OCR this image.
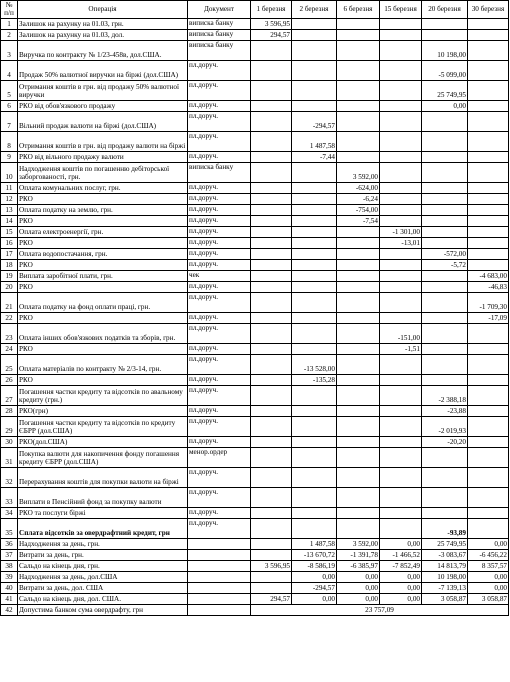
№ п/п	Операція	Документ	1 березня	2 березня	6 березня	15 березня	20 березня	30 березня
1	Залишок на рахунку на 01.03, грн.	виписка банку	3 596,95					
2	Залишок на рахунку на 01.03, дол.	виписка банку	294,57					
3	Виручка по контракту № 1/23-458в, дол.США.	виписка банку					10 198,00	
4	Продаж 50% валютної виручки на біржі (дол.США)	пл.доруч.					-5 099,00	
5	Отримання коштів в грн. від продажу 50% валютної виручки	пл.доруч.					25 749,95	
6	РКО від обов'язкового продажу	пл.доруч.					0,00	
7	Вільний продаж валюти на біржі (дол.США)	пл.доруч.		-294,57				
8	Отримання коштів в грн. від продажу валюти на біржі	пл.доруч.		1 487,58				
9	РКО від вільного продажу валюти	пл.доруч.		-7,44				
10	Надходження коштів по погашенню дебіторської заборгованості, грн.	виписка банку			3 592,00			
11	Оплата комунальних послуг, грн.	пл.доруч.			-624,00			
12	РКО	пл.доруч.			-6,24			
13	Оплата податку на землю, грн.	пл.доруч.			-754,00			
14	РКО	пл.доруч.			-7,54			
15	Оплата електроенергії, грн.	пл.доруч.				-1 301,00		
16	РКО	пл.доруч.				-13,01		
17	Оплата водопостачання, грн.	пл.доруч.					-572,00	
18	РКО	пл.доруч.					-5,72	
19	Виплата заробітної плати, грн.	чек						-4 683,00
20	РКО	пл.доруч.						-46,83
21	Оплата податку на фонд оплати праці, грн.	пл.доруч.						-1 709,30
22	РКО	пл.доруч.						-17,09
23	Оплата інших обов'язкових податків та зборів, грн.	пл.доруч.				-151,00		
24	РКО	пл.доруч.				-1,51		
25	Оплата матеріалів по контракту № 2/3-14, грн.	пл.доруч.		-13 528,00				
26	РКО	пл.доруч.		-135,28				
27	Погашення частки кредиту та відсотків по авальному кредиту (грн.)	пл.доруч.					-2 388,18	
28	РКО(грн)	пл.доруч.					-23,88	
29	Погашення частки кредиту та відсотків по кредиту ЄБРР (дол.США)	пл.доруч.					-2 019,93	
30	РКО(дол.США)	пл.доруч.					-20,20	
31	Покупка валюти для накопичення фонду погашення кредиту ЄБРР (дол.США)	менор.ордер						
32	Перерахування коштів для покупки валюти на біржі	пл.доруч.						
33	Виплати в Пенсійний фонд за покупку валюти	пл.доруч.						
34	РКО та послуги біржі	пл.доруч.						
35	Сплата відсотків за овердрафтний кредит, грн	пл.доруч.					-93,89	
36	Надходження за день, грн.			1 487,58	3 592,00	0,00	25 749,95	0,00
37	Витрати за день, грн.			-13 670,72	-1 391,78	-1 466,52	-3 083,67	-6 456,22
38	Сальдо на кінець дня, грн.		3 596,95	-8 586,19	-6 385,97	-7 852,49	14 813,79	8 357,57
39	Надходження за день, дол.США			0,00	0,00	0,00	10 198,00	0,00
40	Витрати за день, дол. США			-294,57	0,00	0,00	-7 139,13	0,00
41	Сальдо на кінець дня, дол. США.		294,57	0,00	0,00	0,00	3 058,87	3 058,87
42	Допустима банком сума овердрафту, грн		23 757,09					
